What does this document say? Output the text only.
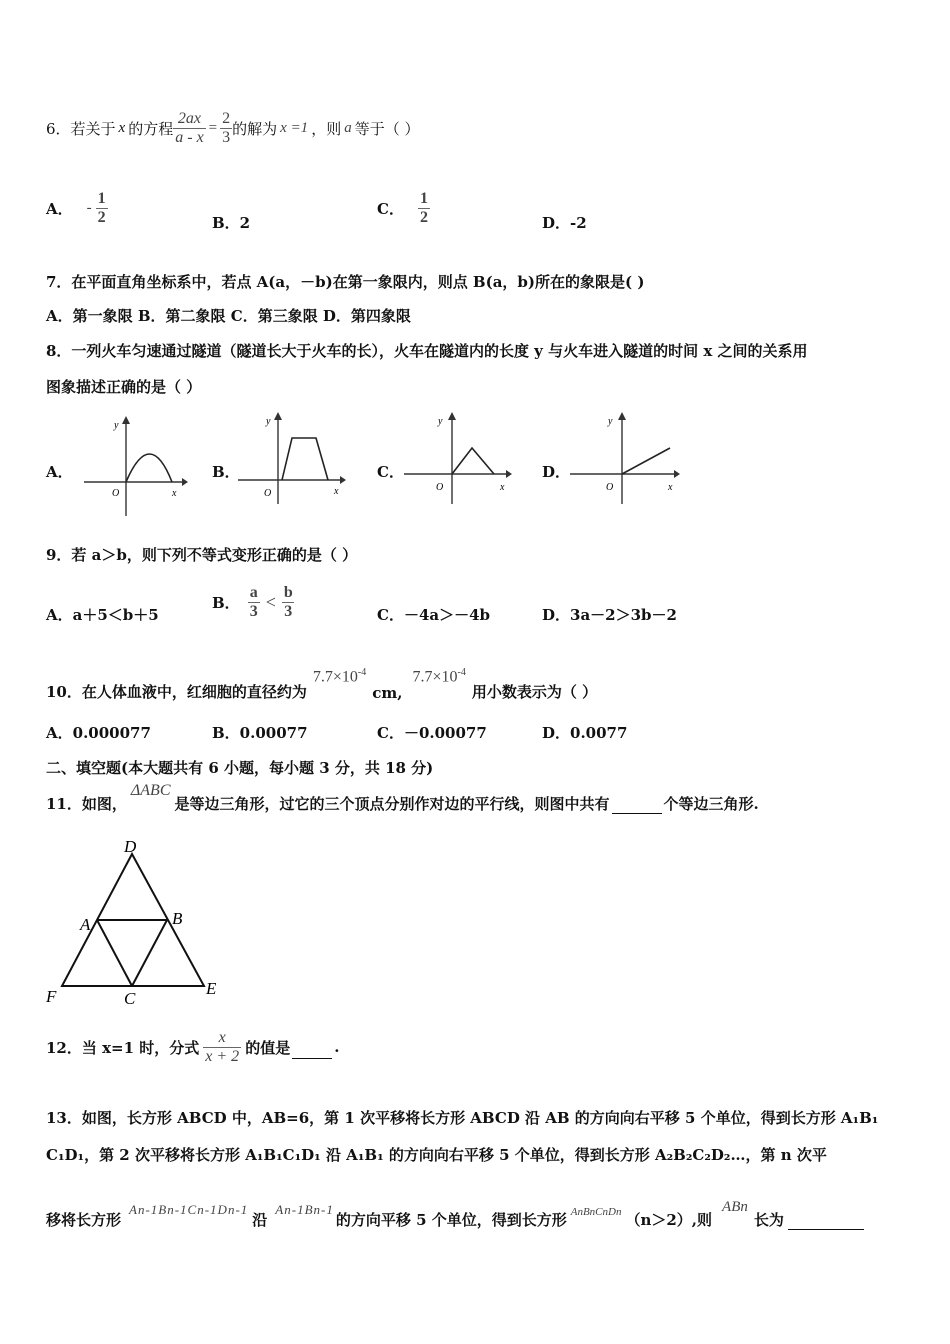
6．若关于 x 的方程 $\frac{2ax}{a - x} = \frac{2}{3}$ 的解为 x =1 ，则 a 等于（ ）
A． - $\frac{1}{2}$	B．2
C． $\frac{1}{2}$	D．-2
7．在平面直角坐标系中，若点 A(a，－b)在第一象限内，则点 B(a，b)所在的象限是( )
A．第一象限 B．第二象限 C．第三象限 D．第四象限
8．一列火车匀速通过隧道（隧道长大于火车的长），火车在隧道内的长度 y 与火车进入隧道的时间 x 之间的关系用
图象描述正确的是（ ）
A．
y
x
O
B．
y
x
O
C．
y
x
O
D．
y
x
O
9．若 a＞b，则下列不等式变形正确的是（ ）
A．a＋5＜b＋5
B． $\frac{a}{3} < \frac{b}{3}$	C．－4a＞－4b	D．3a－2＞3b－2
10．在人体血液中，红细胞的直径约为
$7.7\times 10^{-4}$
cm,
$7.7\times 10^{-4}$
用小数表示为（ ）
A．0.000077	B．0.00077	C．－0.00077	D．0.0077
二、填空题(本大题共有 6 小题，每小题 3 分，共 18 分)
11．如图，
ΔABC
是等边三角形，过它的三个顶点分别作对边的平行线，则图中共有	个等边三角形.
D
A	B
F	C
E
12．当 x=1 时，分式 $\frac{x}{x + 2}$ 的值是	.
13．如图，长方形 ABCD 中，AB=6，第 1 次平移将长方形 ABCD 沿 AB 的方向向右平移 5 个单位，得到长方形 A₁B₁
C₁D₁，第 2 次平移将长方形 A₁B₁C₁D₁ 沿 A₁B₁ 的方向向右平移 5 个单位，得到长方形 A₂B₂C₂D₂…，第 n 次平
移将长方形
An-1Bn-1Cn-1Dn-1
沿
An-1Bn-1
的方向平移 5 个单位，得到长方形 AnBnCnDn （n＞2）,则
ABn
长为
